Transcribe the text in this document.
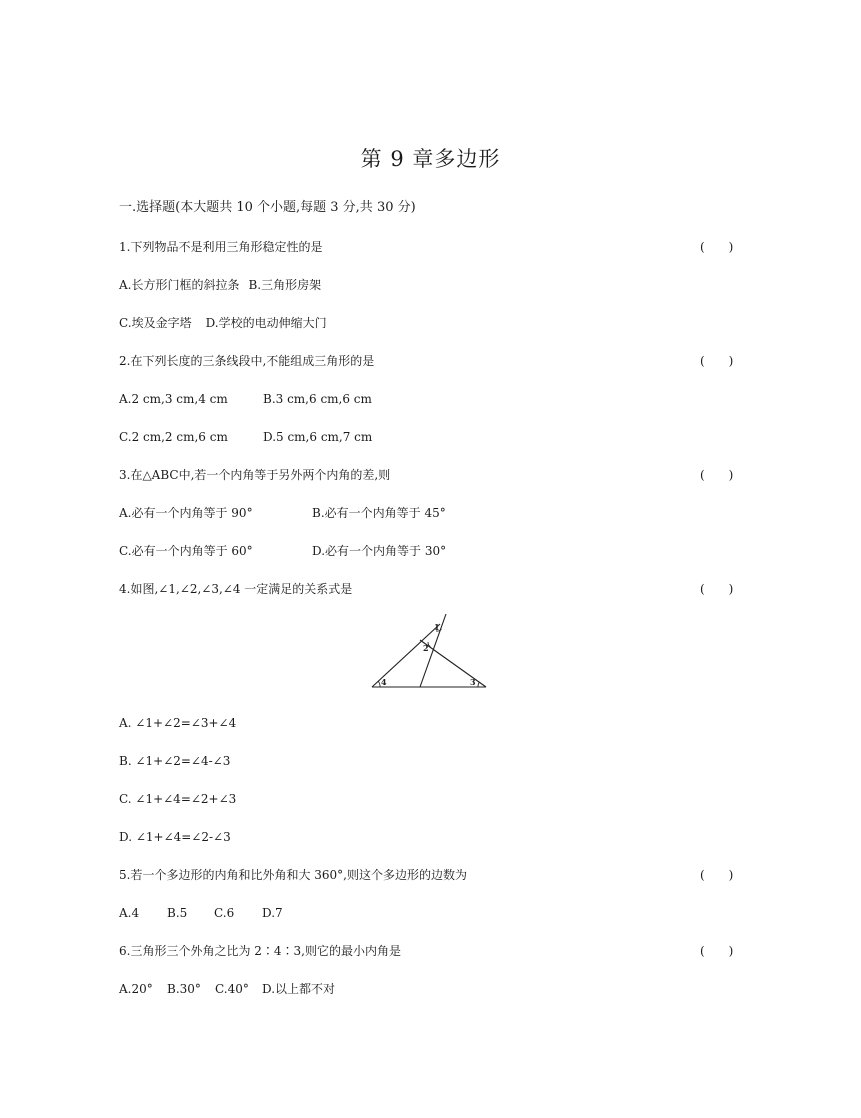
第 9 章多边形
一.选择题(本大题共 10 个小题,每题 3 分,共 30 分)
1.下列物品不是利用三角形稳定性的是	(　　)
A.长方形门框的斜拉条 B.三角形房架
C.埃及金字塔 D.学校的电动伸缩大门
2.在下列长度的三条线段中,不能组成三角形的是	(　　)
A.2 cm,3 cm,4 cm	B.3 cm,6 cm,6 cm
C.2 cm,2 cm,6 cm	D.5 cm,6 cm,7 cm
3.在△ABC中,若一个内角等于另外两个内角的差,则	(　　)
A.必有一个内角等于 90°	B.必有一个内角等于 45°
C.必有一个内角等于 60°	D.必有一个内角等于 30°
4.如图,∠1,∠2,∠3,∠4 一定满足的关系式是	(　　)
1
2
3
4
A. ∠1+∠2=∠3+∠4
B. ∠1+∠2=∠4-∠3
C. ∠1+∠4=∠2+∠3
D. ∠1+∠4=∠2-∠3
5.若一个多边形的内角和比外角和大 360°,则这个多边形的边数为	(　　)
A.4 B.5 C.6 D.7
6.三角形三个外角之比为 2∶4∶3,则它的最小内角是	(　　)
A.20° B.30° C.40° D.以上都不对
